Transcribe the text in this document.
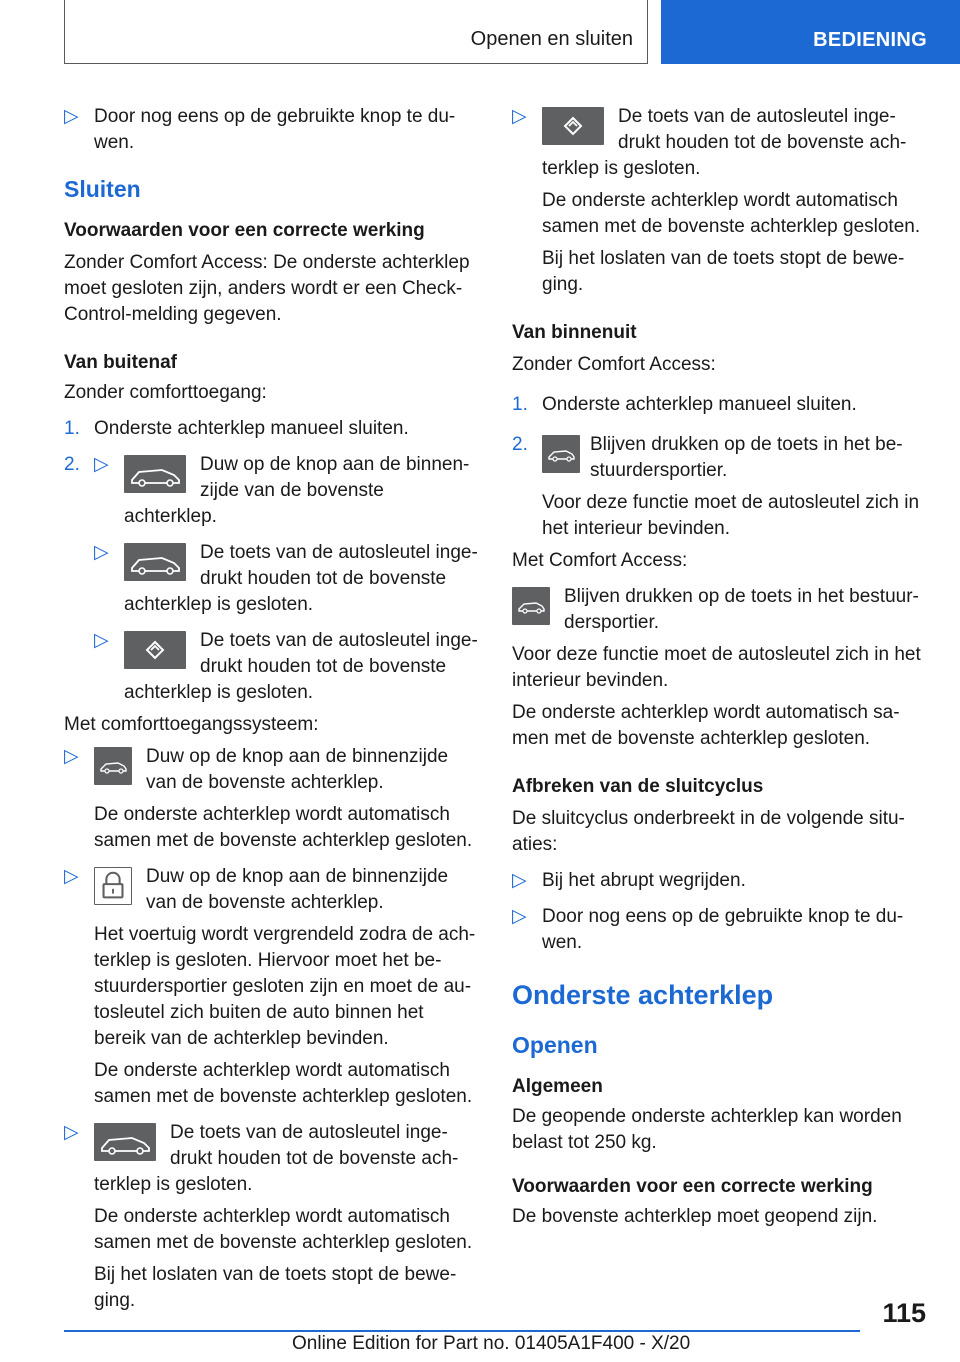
Openen en sluiten	BEDIENING
▷ Door nog eens op de gebruikte knop te du‐ wen.

Sluiten

Voorwaarden voor een correcte werking

Zonder Comfort Access: De onderste achterklep moet gesloten zijn, anders wordt er een Check- Control-melding gegeven.

Van buitenaf

Zonder comforttoegang:

1. Onderste achterklep manueel sluiten.
2. ▷	Duw op de knop aan de binnen‐ zijde van de bovenste achterklep.
▷	De toets van de autosleutel inge‐ drukt houden tot de bovenste achterklep is gesloten.
▷	De toets van de autosleutel inge‐ drukt houden tot de bovenste achterklep is gesloten.

Met comforttoegangssysteem:

▷	Duw op de knop aan de binnenzijde van de bovenste achterklep.

De onderste achterklep wordt automatisch samen met de bovenste achterklep gesloten.

▷	Duw op de knop aan de binnenzijde van de bovenste achterklep.

Het voertuig wordt vergrendeld zodra de ach‐ terklep is gesloten. Hiervoor moet het be‐ stuurdersportier gesloten zijn en moet de au‐ tosleutel zich buiten de auto binnen het bereik van de achterklep bevinden.

De onderste achterklep wordt automatisch samen met de bovenste achterklep gesloten.

▷	De toets van de autosleutel inge‐ drukt houden tot de bovenste ach‐ terklep is gesloten.

De onderste achterklep wordt automatisch samen met de bovenste achterklep gesloten.

Bij het loslaten van de toets stopt de bewe‐ ging.

▷	De toets van de autosleutel inge‐ drukt houden tot de bovenste ach‐ terklep is gesloten.

De onderste achterklep wordt automatisch samen met de bovenste achterklep gesloten.

Bij het loslaten van de toets stopt de bewe‐ ging.

Van binnenuit

Zonder Comfort Access:

1. Onderste achterklep manueel sluiten.
2.	Blijven drukken op de toets in het be‐ stuurdersportier.

Voor deze functie moet de autosleutel zich in het interieur bevinden.

Met Comfort Access:

Blijven drukken op de toets in het bestuur‐ dersportier.

Voor deze functie moet de autosleutel zich in het interieur bevinden.

De onderste achterklep wordt automatisch sa‐ men met de bovenste achterklep gesloten.

Afbreken van de sluitcyclus

De sluitcyclus onderbreekt in de volgende situ‐ aties:

▷ Bij het abrupt wegrijden.
▷ Door nog eens op de gebruikte knop te du‐ wen.

Onderste achterklep

Openen

Algemeen

De geopende onderste achterklep kan worden belast tot 250 kg.

Voorwaarden voor een correcte werking

De bovenste achterklep moet geopend zijn.

115
Online Edition for Part no. 01405A1F400 - X/20
